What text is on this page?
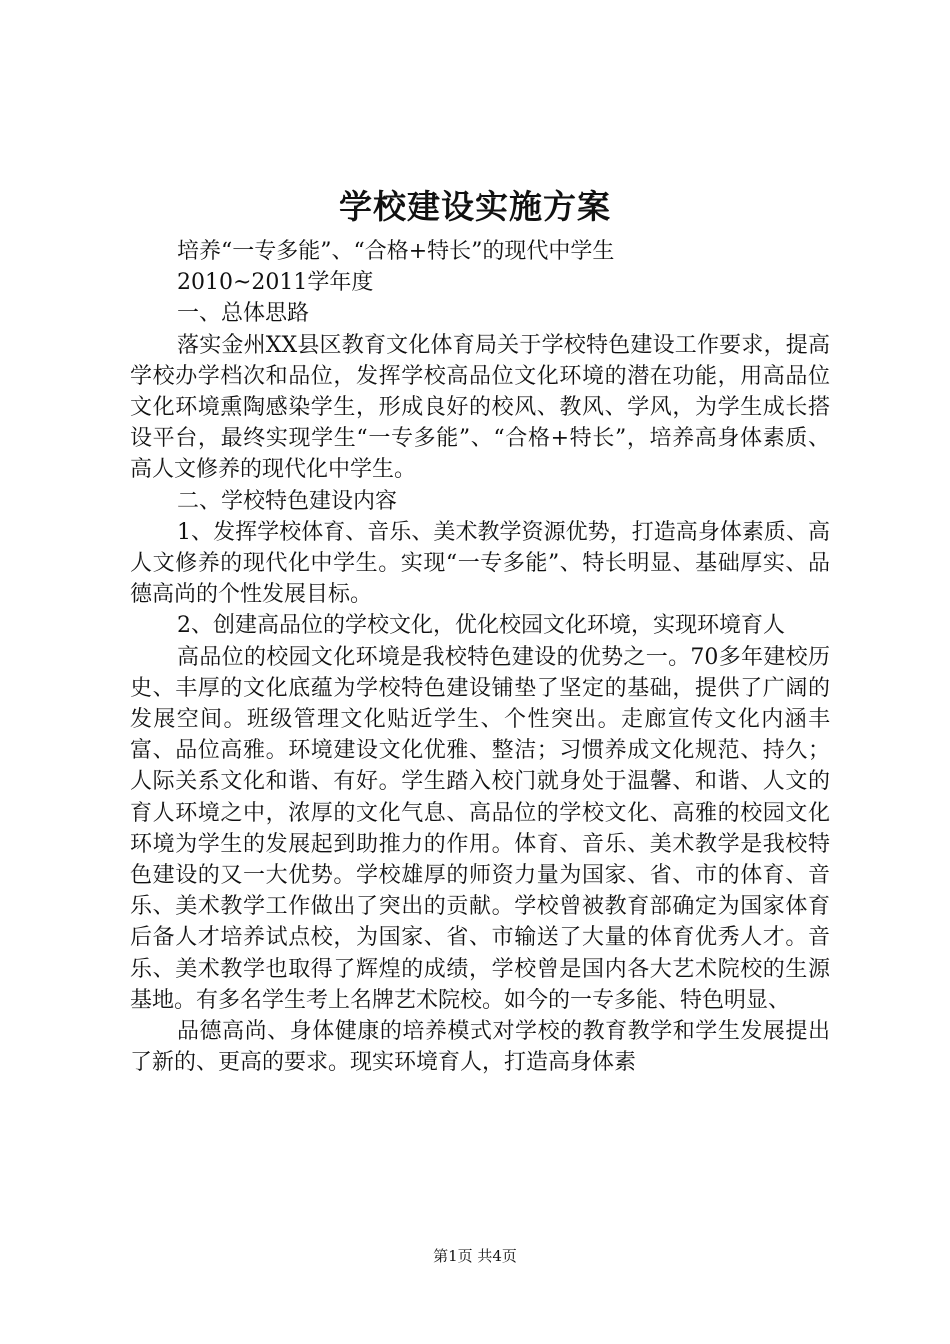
学校建设实施方案

培养“一专多能”、“合格+特长”的现代中学生

2010~2011学年度

一、总体思路

落实金州XX县区教育文化体育局关于学校特色建设工作要求，提高学校办学档次和品位，发挥学校高品位文化环境的潜在功能，用高品位文化环境熏陶感染学生，形成良好的校风、教风、学风，为学生成长搭设平台，最终实现学生“一专多能”、“合格+特长”，培养高身体素质、高人文修养的现代化中学生。

二、学校特色建设内容

1、发挥学校体育、音乐、美术教学资源优势，打造高身体素质、高人文修养的现代化中学生。实现“一专多能”、特长明显、基础厚实、品德高尚的个性发展目标。

2、创建高品位的学校文化，优化校园文化环境，实现环境育人

高品位的校园文化环境是我校特色建设的优势之一。70多年建校历史、丰厚的文化底蕴为学校特色建设铺垫了坚定的基础，提供了广阔的发展空间。班级管理文化贴近学生、个性突出。走廊宣传文化内涵丰富、品位高雅。环境建设文化优雅、整洁；习惯养成文化规范、持久；人际关系文化和谐、有好。学生踏入校门就身处于温馨、和谐、人文的育人环境之中，浓厚的文化气息、高品位的学校文化、高雅的校园文化环境为学生的发展起到助推力的作用。体育、音乐、美术教学是我校特色建设的又一大优势。学校雄厚的师资力量为国家、省、市的体育、音乐、美术教学工作做出了突出的贡献。学校曾被教育部确定为国家体育后备人才培养试点校，为国家、省、市输送了大量的体育优秀人才。音乐、美术教学也取得了辉煌的成绩，学校曾是国内各大艺术院校的生源基地。有多名学生考上名牌艺术院校。如今的一专多能、特色明显、

品德高尚、身体健康的培养模式对学校的教育教学和学生发展提出了新的、更高的要求。现实环境育人，打造高身体素

第1页 共4页
